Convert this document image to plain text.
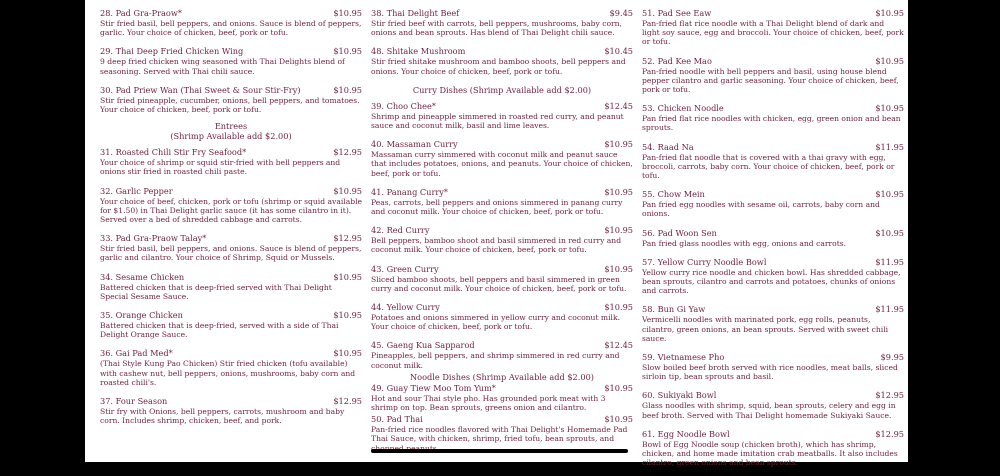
28. Pad Gra-Praow*	$10.95
Stir fried basil, bell peppers, and onions. Sauce is blend of peppers, garlic. Your choice of chicken, beef, pork or tofu.
29. Thai Deep Fried Chicken Wing	$10.95
9 deep fried chicken wing seasoned with Thai Delights blend of seasoning. Served with Thai chili sauce.
30. Pad Priew Wan (Thai Sweet & Sour Stir-Fry)	$10.95
Stir fried pineapple, cucumber, onions, bell peppers, and tomatoes. Your choice of chicken, beef, pork or tofu.
Entrees
(Shrimp Available add $2.00)
31. Roasted Chili Stir Fry Seafood*	$12.95
Your choice of shrimp or squid stir-fried with bell peppers and onions stir fried in roasted chili paste.
32. Garlic Pepper	$10.95
Your choice of beef, chicken, pork or tofu (shrimp or squid available for $1.50) in Thai Delight garlic sauce (it has some cilantro in it). Served over a bed of shredded cabbage and carrots.
33. Pad Gra-Praow Talay*	$12.95
Stir fried basil, bell peppers, and onions. Sauce is blend of peppers, garlic and cilantro. Your choice of Shrimp, Squid or Mussels.
34. Sesame Chicken	$10.95
Battered chicken that is deep-fried served with Thai Delight Special Sesame Sauce.
35. Orange Chicken	$10.95
Battered chicken that is deep-fried, served with a side of Thai Delight Orange Sauce.
36. Gai Pad Med*	$10.95
(Thai Style Kung Pao Chicken) Stir fried chicken (tofu available) with cashew nut, bell peppers, onions, mushrooms, baby corn and roasted chili's.
37. Four Season	$12.95
Stir fry with Onions, bell peppers, carrots, mushroom and baby corn. Includes shrimp, chicken, beef, and pork.
38. Thai Delight Beef	$9.45
Stir fried beef with carrots, bell peppers, mushrooms, baby corn, onions and bean sprouts. Has blend of Thai Delight chili sauce.
48. Shitake Mushroom	$10.45
Stir fried shitake mushroom and bamboo shoots, bell peppers and onions. Your choice of chicken, beef, pork or tofu.
Curry Dishes (Shrimp Available add $2.00)
39. Choo Chee*	$12.45
Shrimp and pineapple simmered in roasted red curry, and peanut sauce and coconut milk, basil and lime leaves.
40. Massaman Curry	$10.95
Massaman curry simmered with coconut milk and peanut sauce that includes potatoes, onions, and peanuts. Your choice of chicken, beef, pork or tofu.
41. Panang Curry*	$10.95
Peas, carrots, bell peppers and onions simmered in panang curry and coconut milk. Your choice of chicken, beef, pork or tofu.
42. Red Curry	$10.95
Bell peppers, bamboo shoot and basil simmered in red curry and coconut milk. Your choice of chicken, beef, pork or tofu.
43. Green Curry	$10.95
Sliced bamboo shoots, bell peppers and basil simmered in green curry and coconut milk. Your choice of chicken, beef, pork or tofu.
44. Yellow Curry	$10.95
Potatoes and onions simmered in yellow curry and coconut milk. Your choice of chicken, beef, pork or tofu.
45. Gaeng Kua Sapparod	$12.45
Pineapples, bell peppers, and shrimp simmered in red curry and coconut milk.
Noodle Dishes (Shrimp Available add $2.00)
49. Guay Tiew Moo Tom Yum*	$10.95
Hot and sour Thai style pho. Has grounded pork meat with 3 shrimp on top. Bean sprouts, greens onion and cilantro.
50. Pad Thai	$10.95
Pan-fried rice noodles flavored with Thai Delight's Homemade Pad Thai Sauce, with chicken, shrimp, fried tofu, bean sprouts, and
51. Pad See Eaw	$10.95
Pan-fried flat rice noodle with a Thai Delight blend of dark and light soy sauce, egg and broccoli. Your choice of chicken, beef, pork or tofu.
52. Pad Kee Mao	$10.95
Pan-fried noodle with bell peppers and basil, using house blend pepper cilantro and garlic seasoning. Your choice of chicken, beef, pork or tofu.
53. Chicken Noodle	$10.95
Pan fried flat rice noodles with chicken, egg, green onion and bean sprouts.
54. Raad Na	$11.95
Pan-fried flat noodle that is covered with a thai gravy with egg, broccoli, carrots, baby corn. Your choice of chicken, beef, pork or tofu.
55. Chow Mein	$10.95
Pan fried egg noodles with sesame oil, carrots, baby corn and onions.
56. Pad Woon Sen	$10.95
Pan fried glass noodles with egg, onions and carrots.
57. Yellow Curry Noodle Bowl	$11.95
Yellow curry rice noodle and chicken bowl. Has shredded cabbage, bean sprouts, cilantro and carrots and potatoes, chunks of onions and carrots.
58. Bun Gi Yaw	$11.95
Vermicelli noodles with marinated pork, egg rolls, peanuts, cilantro, green onions, an bean sprouts. Served with sweet chili sauce.
59. Vietnamese Pho	$9.95
Slow boiled beef broth served with rice noodles, meat balls, sliced sirloin tip, bean sprouts and basil.
60. Sukiyaki Bowl	$12.95
Glass noodles with shrimp, squid, bean sprouts, celery and egg in beef broth. Served with Thai Delight homemade Sukiyaki Sauce.
61. Egg Noodle Bowl	$12.95
Bowl of Egg Noodle soup (chicken broth), which has shrimp, chicken, and home made imitation crab meatballs. It also includes cilantro, green onions and bean sprouts.
